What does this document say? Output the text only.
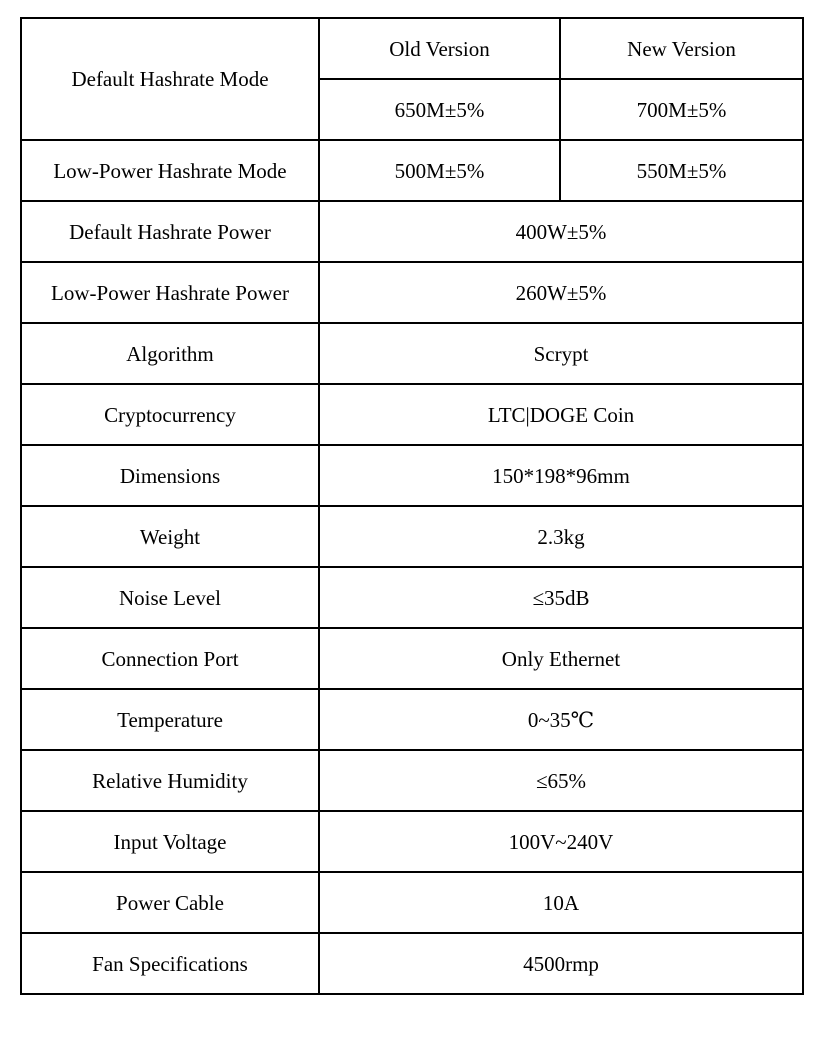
Default Hashrate Mode	Old Version	New Version
	650M±5%	700M±5%
Low-Power Hashrate Mode	500M±5%	550M±5%
Default Hashrate Power	400W±5%	
Low-Power Hashrate Power	260W±5%	
Algorithm	Scrypt	
Cryptocurrency	LTC|DOGE Coin	
Dimensions	150*198*96mm	
Weight	2.3kg	
Noise Level	≤35dB	
Connection Port	Only Ethernet	
Temperature	0~35℃	
Relative Humidity	≤65%	
Input Voltage	100V~240V	
Power Cable	10A	
Fan Specifications	4500rmp	
